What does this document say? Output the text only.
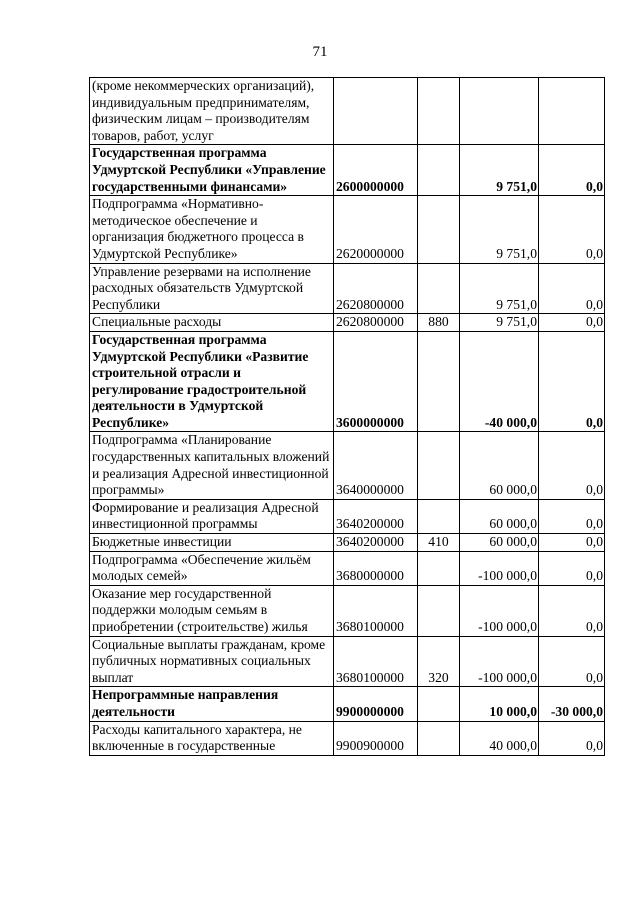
71
(кроме некоммерческих организаций), индивидуальным предпринимателям, физическим лицам – производителям товаров, работ, услуг				
Государственная программа Удмуртской Республики «Управление государственными финансами»	2600000000		9 751,0	0,0
Подпрограмма «Нормативно-методическое обеспечение и организация бюджетного процесса в Удмуртской Республике»	2620000000		9 751,0	0,0
Управление резервами на исполнение расходных обязательств Удмуртской Республики	2620800000		9 751,0	0,0
Специальные расходы	2620800000	880	9 751,0	0,0
Государственная программа Удмуртской Республики «Развитие строительной отрасли и регулирование градостроительной деятельности в Удмуртской Республике»	3600000000		-40 000,0	0,0
Подпрограмма «Планирование государственных капитальных вложений и реализация Адресной инвестиционной программы»	3640000000		60 000,0	0,0
Формирование и реализация Адресной инвестиционной программы	3640200000		60 000,0	0,0
Бюджетные инвестиции	3640200000	410	60 000,0	0,0
Подпрограмма «Обеспечение жильём молодых семей»	3680000000		-100 000,0	0,0
Оказание мер государственной поддержки молодым семьям в приобретении (строительстве) жилья	3680100000		-100 000,0	0,0
Социальные выплаты гражданам, кроме публичных нормативных социальных выплат	3680100000	320	-100 000,0	0,0
Непрограммные направления деятельности	9900000000		10 000,0	-30 000,0
Расходы капитального характера, не включенные в государственные	9900900000		40 000,0	0,0
